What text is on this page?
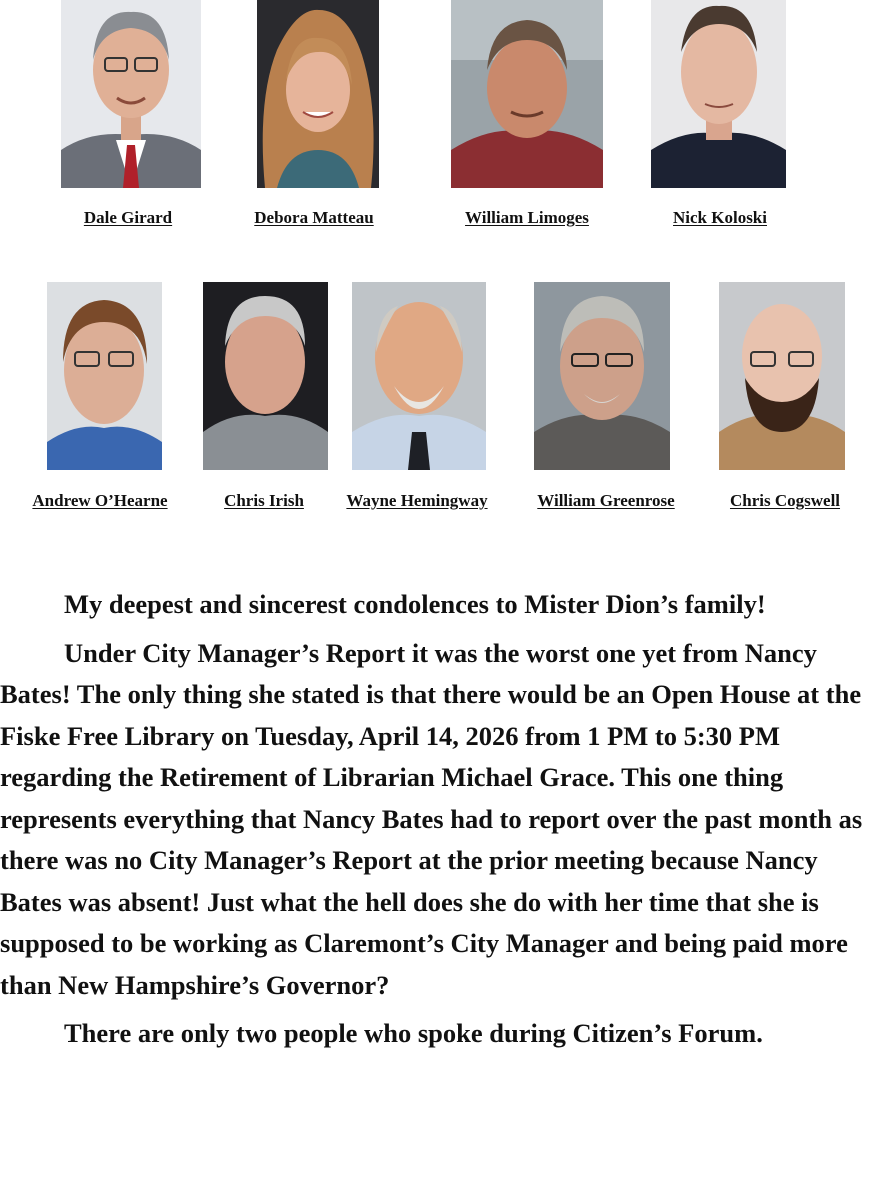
Dale Girard	Debora Matteau	William Limoges	Nick Koloski
Andrew O’Hearne	Chris Irish	Wayne Hemingway	William Greenrose	Chris Cogswell

My deepest and sincerest condolences to Mister Dion’s family!

Under City Manager’s Report it was the worst one yet from Nancy Bates! The only thing she stated is that there would be an Open House at the Fiske Free Library on Tuesday, April 14, 2026 from 1 PM to 5:30 PM regarding the Retirement of Librarian Michael Grace. This one thing represents everything that Nancy Bates had to report over the past month as there was no City Manager’s Report at the prior meeting because Nancy Bates was absent! Just what the hell does she do with her time that she is supposed to be working as Claremont’s City Manager and being paid more than New Hampshire’s Governor?

There are only two people who spoke during Citizen’s Forum.
